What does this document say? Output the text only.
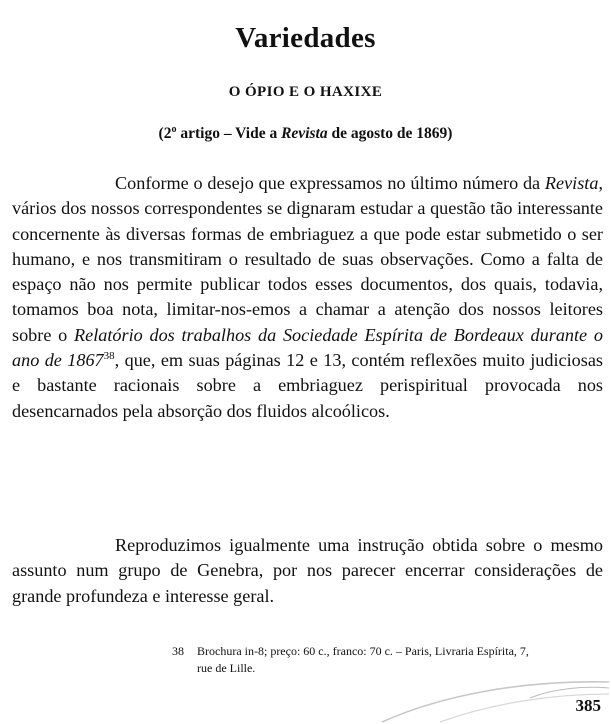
Variedades
O ÓPIO E O HAXIXE
(2$^o$ artigo – Vide a Revista de agosto de 1869)

Conforme o desejo que expressamos no último número da Revista, vários dos nossos correspondentes se dignaram estudar a questão tão interessante concernente às diversas formas de embriaguez a que pode estar submetido o ser humano, e nos transmitiram o resultado de suas observações. Como a falta de espaço não nos permite publicar todos esses documentos, dos quais, todavia, tomamos boa nota, limitar-nos-emos a chamar a atenção dos nossos leitores sobre o Relatório dos trabalhos da Sociedade Espírita de Bordeaux durante o ano de 1867$^{38}$, que, em suas páginas 12 e 13, contém reflexões muito judiciosas e bastante racionais sobre a embriaguez perispiritual provocada nos desencarnados pela absorção dos fluidos alcoólicos.

Reproduzimos igualmente uma instrução obtida sobre o mesmo assunto num grupo de Genebra, por nos parecer encerrar considerações de grande profundeza e interesse geral.

38 Brochura in-8; preço: 60 c., franco: 70 c. – Paris, Livraria Espírita, 7,
rue de Lille.

385
